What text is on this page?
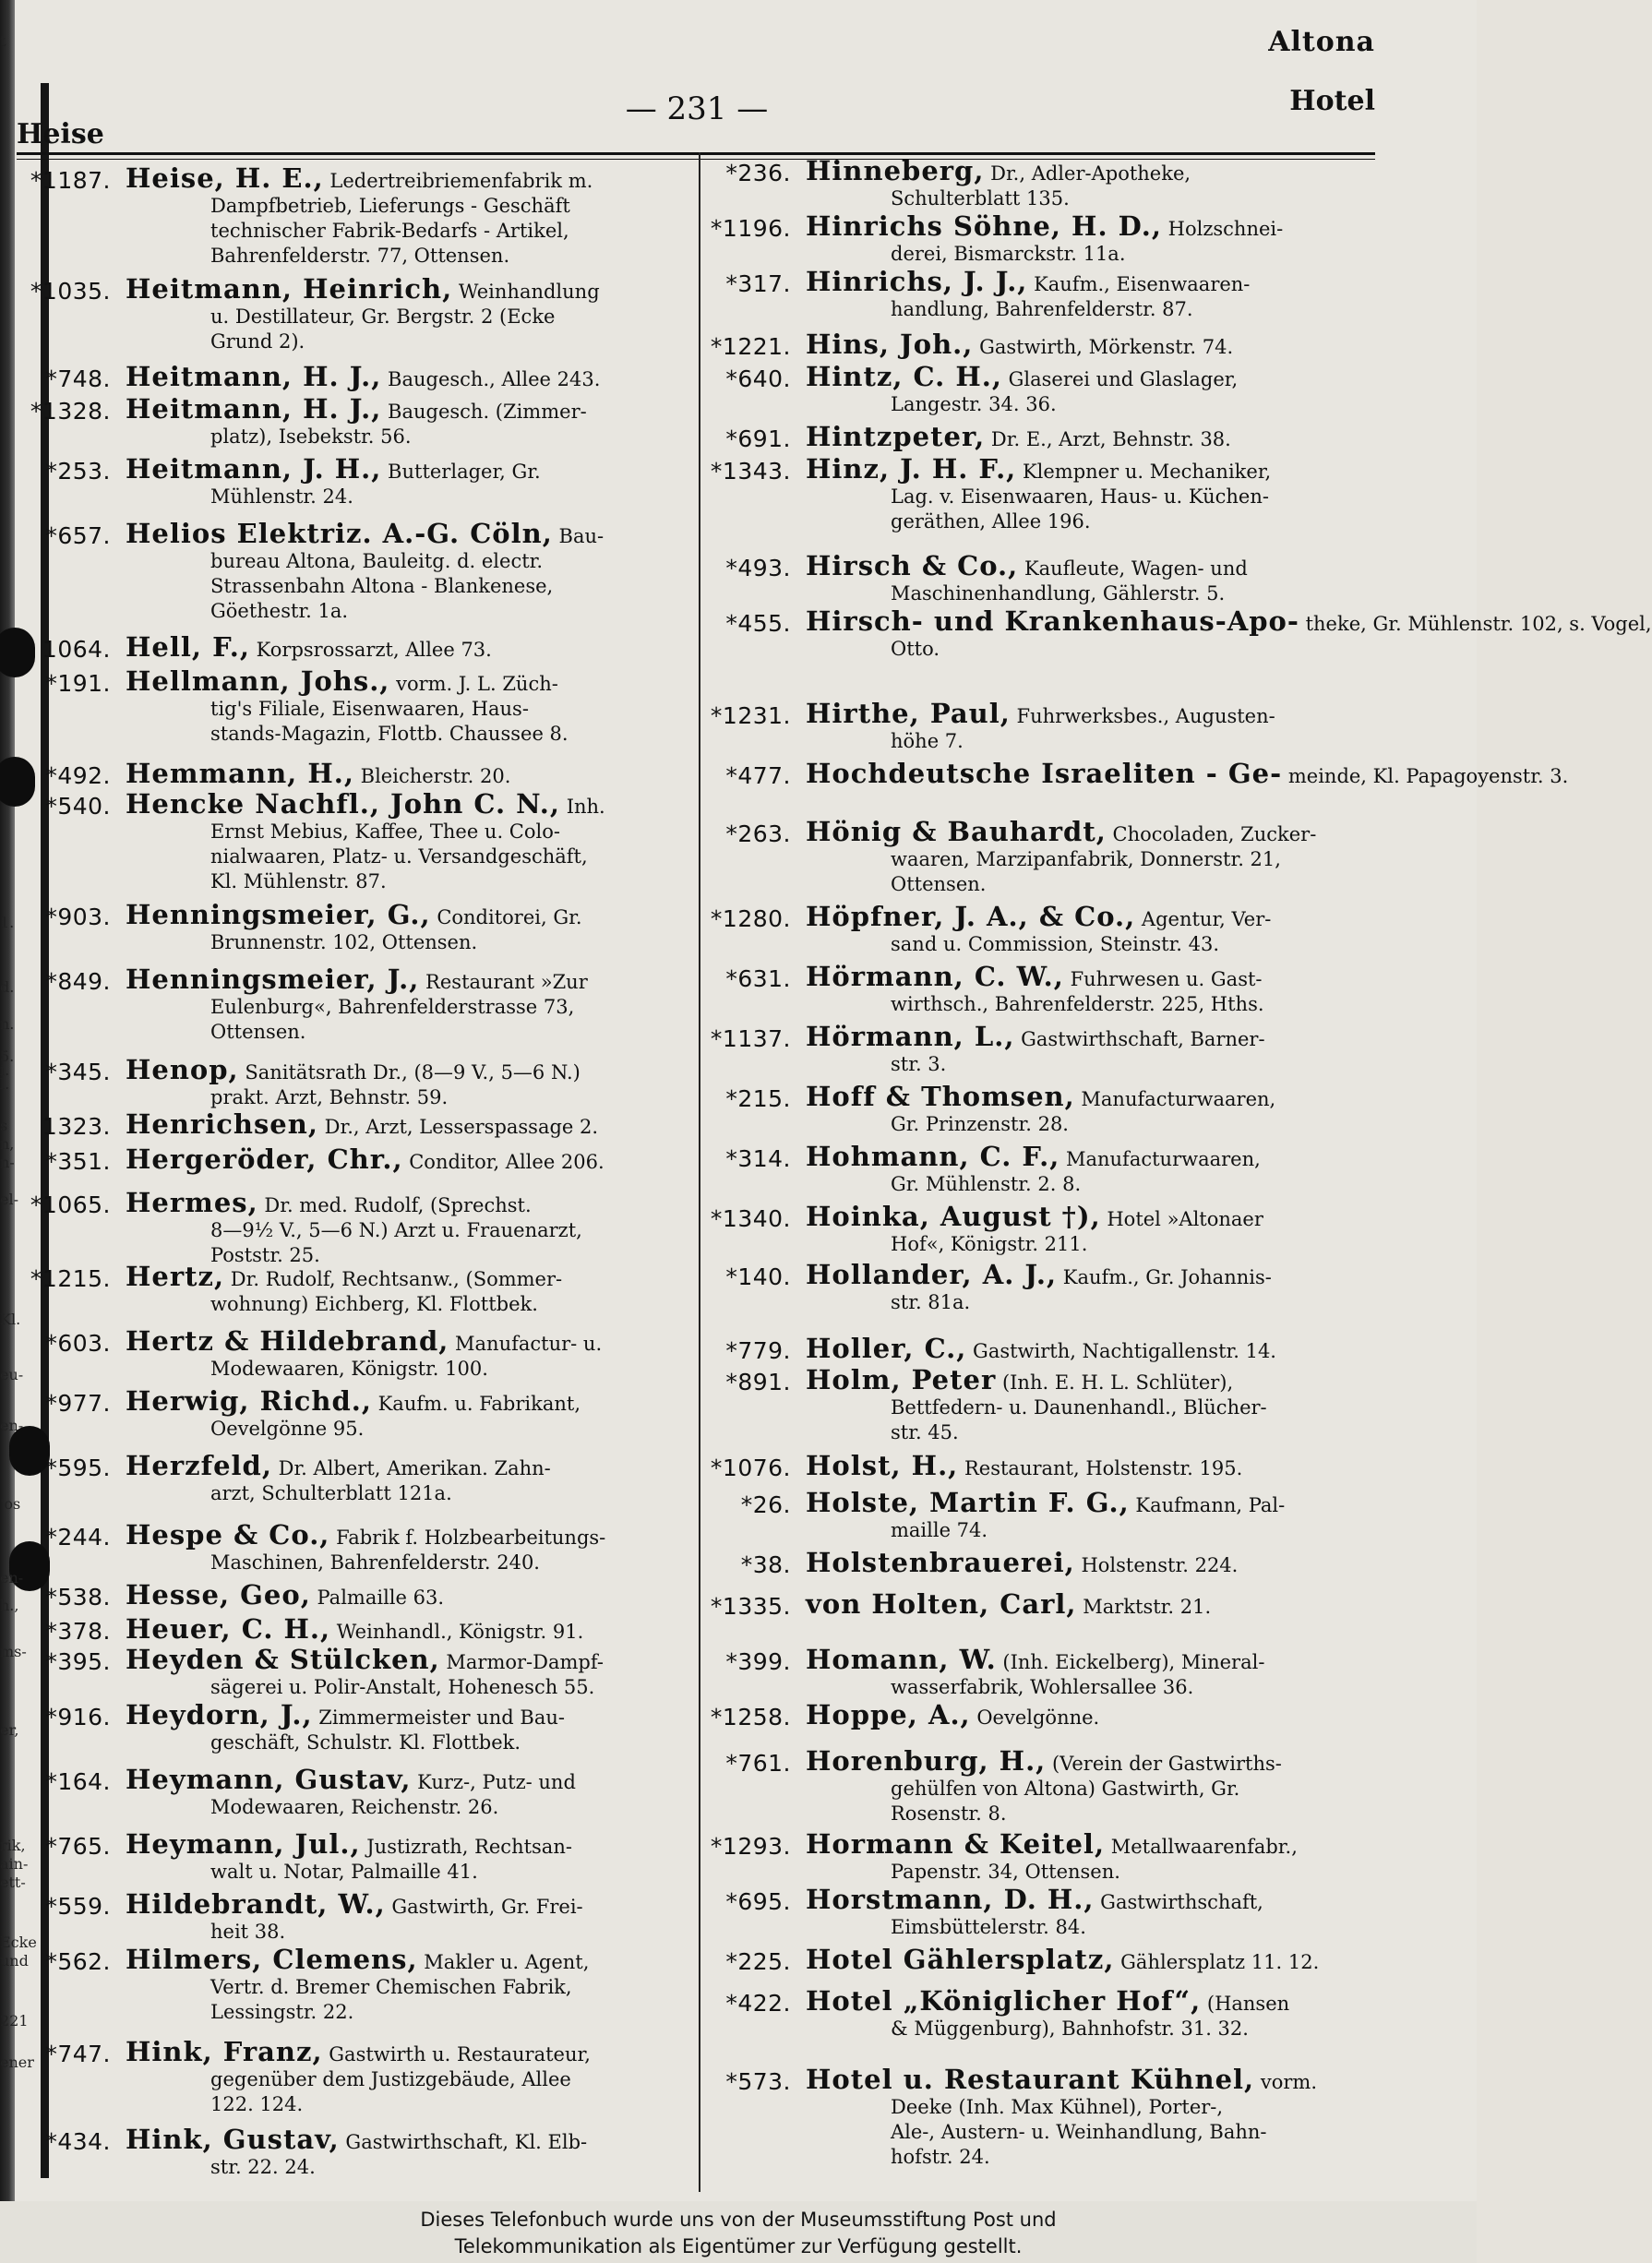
t
1.
d.
n.
5.
i.
l.
s
n,
n-
el-
Kl.
eu-
en-
'os
en-
h.,
ms-
er,
rik,
ain-
ett-
Ecke
und
221
ener
Altona
— 231 —	Hotel
Heise
*1187. Heise, H. E., Ledertreibriemenfabrik m.
Dampfbetrieb, Lieferungs - Geschäft
technischer Fabrik-Bedarfs - Artikel,
Bahrenfelderstr. 77, Ottensen.
*1035. Heitmann, Heinrich, Weinhandlung
u. Destillateur, Gr. Bergstr. 2 (Ecke
Grund 2).
*748. Heitmann, H. J., Baugesch., Allee 243.
*1328. Heitmann, H. J., Baugesch. (Zimmer-
platz), Isebekstr. 56.
*253. Heitmann, J. H., Butterlager, Gr.
Mühlenstr. 24.
*657. Helios Elektriz. A.-G. Cöln, Bau-
bureau Altona, Bauleitg. d. electr.
Strassenbahn Altona - Blankenese,
Göethestr. 1a.
1064. Hell, F., Korpsrossarzt, Allee 73.
*191. Hellmann, Johs., vorm. J. L. Züch-
tig's Filiale, Eisenwaaren, Haus-
stands-Magazin, Flottb. Chaussee 8.
*492. Hemmann, H., Bleicherstr. 20.
*540. Hencke Nachfl., John C. N., Inh.
Ernst Mebius, Kaffee, Thee u. Colo-
nialwaaren, Platz- u. Versandgeschäft,
Kl. Mühlenstr. 87.
*903. Henningsmeier, G., Conditorei, Gr.
Brunnenstr. 102, Ottensen.
*849. Henningsmeier, J., Restaurant »Zur
Eulenburg«, Bahrenfelderstrasse 73,
Ottensen.
*345. Henop, Sanitätsrath Dr., (8—9 V., 5—6 N.)
prakt. Arzt, Behnstr. 59.
1323. Henrichsen, Dr., Arzt, Lesserspassage 2.
*351. Hergeröder, Chr., Conditor, Allee 206.
*1065. Hermes, Dr. med. Rudolf, (Sprechst.
8—9½ V., 5—6 N.) Arzt u. Frauenarzt,
Poststr. 25.
*1215. Hertz, Dr. Rudolf, Rechtsanw., (Sommer-
wohnung) Eichberg, Kl. Flottbek.
*603. Hertz & Hildebrand, Manufactur- u.
Modewaaren, Königstr. 100.
*977. Herwig, Richd., Kaufm. u. Fabrikant,
Oevelgönne 95.
*595. Herzfeld, Dr. Albert, Amerikan. Zahn-
arzt, Schulterblatt 121a.
*244. Hespe & Co., Fabrik f. Holzbearbeitungs-
Maschinen, Bahrenfelderstr. 240.
*538. Hesse, Geo, Palmaille 63.
*378. Heuer, C. H., Weinhandl., Königstr. 91.
*395. Heyden & Stülcken, Marmor-Dampf-
sägerei u. Polir-Anstalt, Hohenesch 55.
*916. Heydorn, J., Zimmermeister und Bau-
geschäft, Schulstr. Kl. Flottbek.
*164. Heymann, Gustav, Kurz-, Putz- und
Modewaaren, Reichenstr. 26.
*765. Heymann, Jul., Justizrath, Rechtsan-
walt u. Notar, Palmaille 41.
*559. Hildebrandt, W., Gastwirth, Gr. Frei-
heit 38.
*562. Hilmers, Clemens, Makler u. Agent,
Vertr. d. Bremer Chemischen Fabrik,
Lessingstr. 22.
*747. Hink, Franz, Gastwirth u. Restaurateur,
gegenüber dem Justizgebäude, Allee
122. 124.
*434. Hink, Gustav, Gastwirthschaft, Kl. Elb-
str. 22. 24.
*236. Hinneberg, Dr., Adler-Apotheke,
Schulterblatt 135.
*1196. Hinrichs Söhne, H. D., Holzschnei-
derei, Bismarckstr. 11a.
*317. Hinrichs, J. J., Kaufm., Eisenwaaren-
handlung, Bahrenfelderstr. 87.
*1221. Hins, Joh., Gastwirth, Mörkenstr. 74.
*640. Hintz, C. H., Glaserei und Glaslager,
Langestr. 34. 36.
*691. Hintzpeter, Dr. E., Arzt, Behnstr. 38.
*1343. Hinz, J. H. F., Klempner u. Mechaniker,
Lag. v. Eisenwaaren, Haus- u. Küchen-
geräthen, Allee 196.
*493. Hirsch & Co., Kaufleute, Wagen- und
Maschinenhandlung, Gählerstr. 5.
*455. Hirsch- und Krankenhaus-Apo- theke, Gr. Mühlenstr. 102, s. Vogel,
Otto.
*1231. Hirthe, Paul, Fuhrwerksbes., Augusten-
höhe 7.
*477. Hochdeutsche Israeliten - Ge- meinde, Kl. Papagoyenstr. 3.
*263. Hönig & Bauhardt, Chocoladen, Zucker-
waaren, Marzipanfabrik, Donnerstr. 21,
Ottensen.
*1280. Höpfner, J. A., & Co., Agentur, Ver-
sand u. Commission, Steinstr. 43.
*631. Hörmann, C. W., Fuhrwesen u. Gast-
wirthsch., Bahrenfelderstr. 225, Hths.
*1137. Hörmann, L., Gastwirthschaft, Barner-
str. 3.
*215. Hoff & Thomsen, Manufacturwaaren,
Gr. Prinzenstr. 28.
*314. Hohmann, C. F., Manufacturwaaren,
Gr. Mühlenstr. 2. 8.
*1340. Hoinka, August †), Hotel »Altonaer
Hof«, Königstr. 211.
*140. Hollander, A. J., Kaufm., Gr. Johannis-
str. 81a.
*779. Holler, C., Gastwirth, Nachtigallenstr. 14.
*891. Holm, Peter (Inh. E. H. L. Schlüter),
Bettfedern- u. Daunenhandl., Blücher-
str. 45.
*1076. Holst, H., Restaurant, Holstenstr. 195.
*26. Holste, Martin F. G., Kaufmann, Pal-
maille 74.
*38. Holstenbrauerei, Holstenstr. 224.
*1335. von Holten, Carl, Marktstr. 21.
*399. Homann, W. (Inh. Eickelberg), Mineral-
wasserfabrik, Wohlersallee 36.
*1258. Hoppe, A., Oevelgönne.
*761. Horenburg, H., (Verein der Gastwirths-
gehülfen von Altona) Gastwirth, Gr.
Rosenstr. 8.
*1293. Hormann & Keitel, Metallwaarenfabr.,
Papenstr. 34, Ottensen.
*695. Horstmann, D. H., Gastwirthschaft,
Eimsbüttelerstr. 84.
*225. Hotel Gählersplatz, Gählersplatz 11. 12.
*422. Hotel „Königlicher Hof“, (Hansen
& Müggenburg), Bahnhofstr. 31. 32.
*573. Hotel u. Restaurant Kühnel, vorm.
Deeke (Inh. Max Kühnel), Porter-,
Ale-, Austern- u. Weinhandlung, Bahn-
hofstr. 24.
Dieses Telefonbuch wurde uns von der Museumsstiftung Post und
Telekommunikation als Eigentümer zur Verfügung gestellt.
